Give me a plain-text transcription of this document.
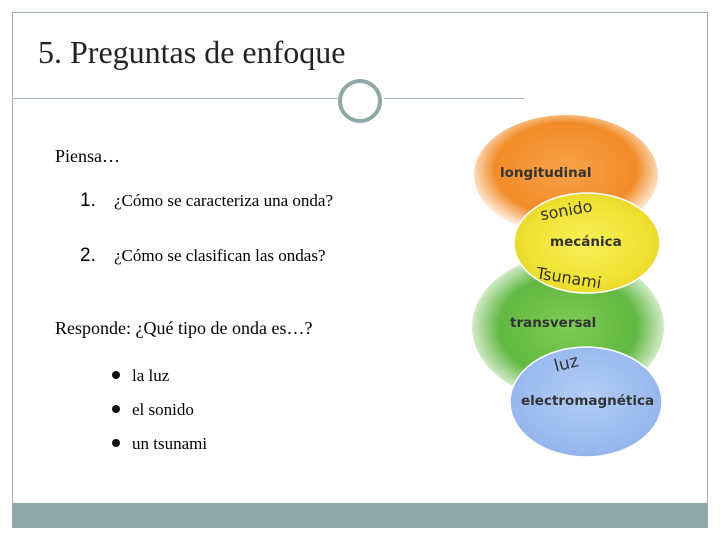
5. Preguntas de enfoque
Piensa…
1. ¿Cómo se caracteriza una onda?
2. ¿Cómo se clasifican las ondas?
Responde: ¿Qué tipo de onda es…?
la luz
el sonido
un tsunami
longitudinal
sonido
mecánica
Tsunami
transversal
luz
electromagnética
